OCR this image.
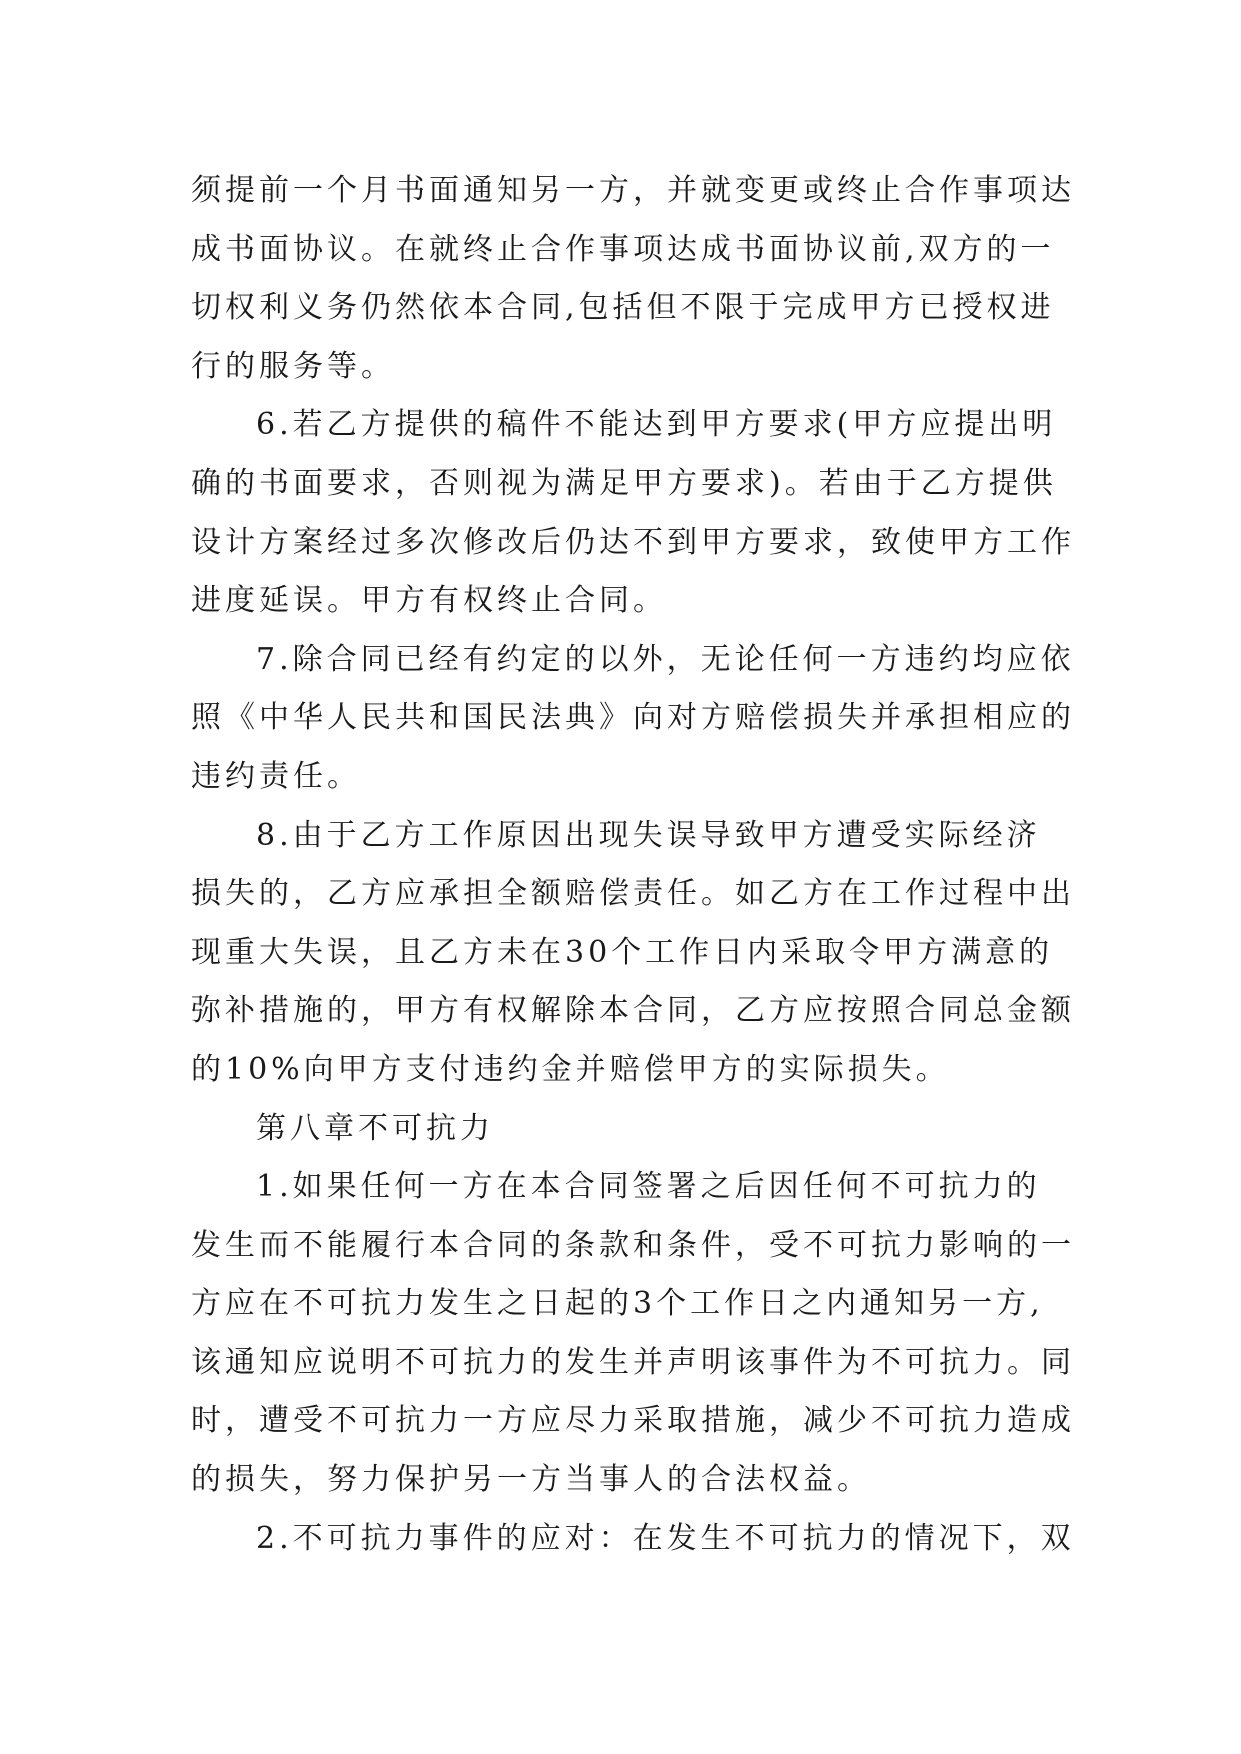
须提前一个月书面通知另一方，并就变更或终止合作事项达
成书面协议。在就终止合作事项达成书面协议前,双方的一
切权利义务仍然依本合同,包括但不限于完成甲方已授权进
行的服务等。
6.若乙方提供的稿件不能达到甲方要求(甲方应提出明
确的书面要求，否则视为满足甲方要求)。若由于乙方提供
设计方案经过多次修改后仍达不到甲方要求，致使甲方工作
进度延误。甲方有权终止合同。
7.除合同已经有约定的以外，无论任何一方违约均应依
照《中华人民共和国民法典》向对方赔偿损失并承担相应的
违约责任。
8.由于乙方工作原因出现失误导致甲方遭受实际经济
损失的，乙方应承担全额赔偿责任。如乙方在工作过程中出
现重大失误，且乙方未在30个工作日内采取令甲方满意的
弥补措施的，甲方有权解除本合同，乙方应按照合同总金额
的10%向甲方支付违约金并赔偿甲方的实际损失。
第八章不可抗力
1.如果任何一方在本合同签署之后因任何不可抗力的
发生而不能履行本合同的条款和条件，受不可抗力影响的一
方应在不可抗力发生之日起的3个工作日之内通知另一方,
该通知应说明不可抗力的发生并声明该事件为不可抗力。同
时，遭受不可抗力一方应尽力采取措施，减少不可抗力造成
的损失，努力保护另一方当事人的合法权益。
2.不可抗力事件的应对：在发生不可抗力的情况下，双
